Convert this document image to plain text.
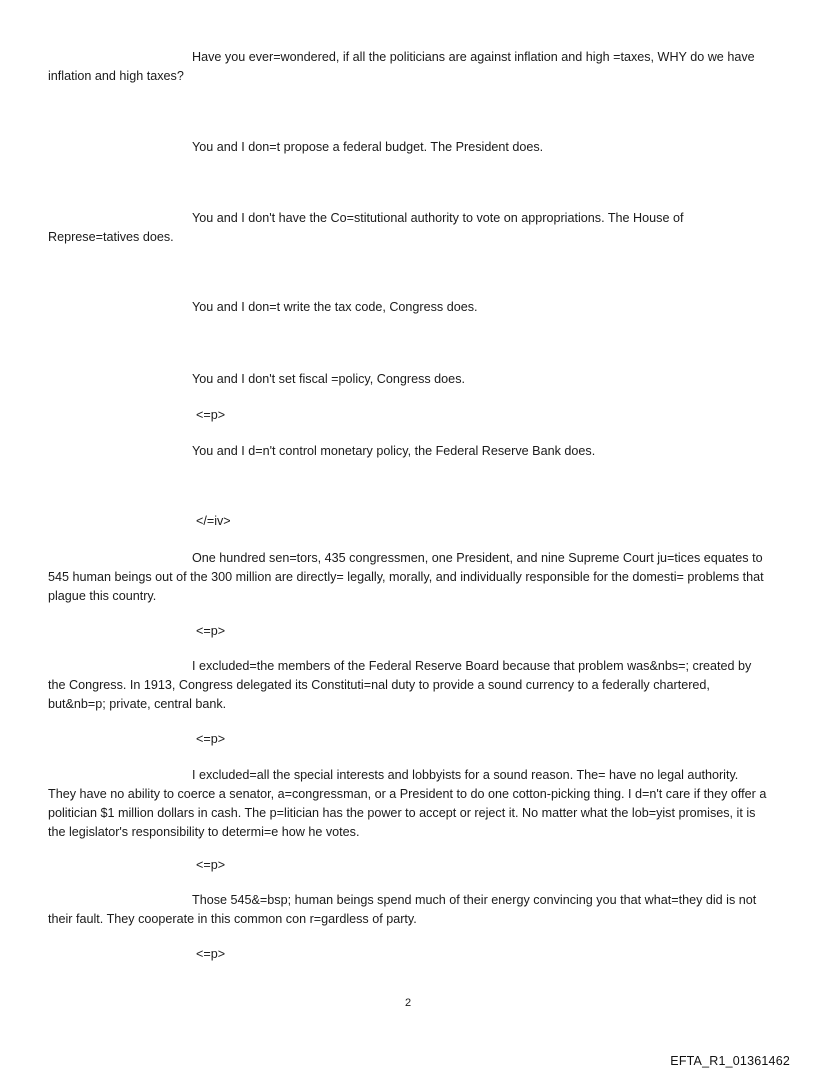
Have you ever=wondered, if all the politicians are against inflation and high =taxes, WHY do we have inflation and high taxes?

You and I don=t propose a federal budget. The President does.

You and I don't have the Co=stitutional authority to vote on appropriations. The House of Represe=tatives does.

You and I don=t write the tax code, Congress does.

You and I don't set fiscal =policy, Congress does.

<=p>

You and I d=n't control monetary policy, the Federal Reserve Bank does.

</=iv>

One hundred sen=tors, 435 congressmen, one President, and nine Supreme Court ju=tices equates to 545 human beings out of the 300 million are directly= legally, morally, and individually responsible for the domesti= problems that plague this country.

<=p>

I excluded=the members of the Federal Reserve Board because that problem was&nbs=; created by the Congress. In 1913, Congress delegated its Constituti=nal duty to provide a sound currency to a federally chartered, but&nb=p; private, central bank.

<=p>

I excluded=all the special interests and lobbyists for a sound reason. The= have no legal authority. They have no ability to coerce a senator, a=congressman, or a President to do one cotton-picking thing. I d=n't care if they offer a politician $1 million dollars in cash. The p=litician has the power to accept or reject it. No matter what the lob=yist promises, it is the legislator's responsibility to determi=e how he votes.

<=p>

Those 545&=bsp; human beings spend much of their energy convincing you that what=they did is not their fault. They cooperate in this common con r=gardless of party.

<=p>

2
EFTA_R1_01361462
